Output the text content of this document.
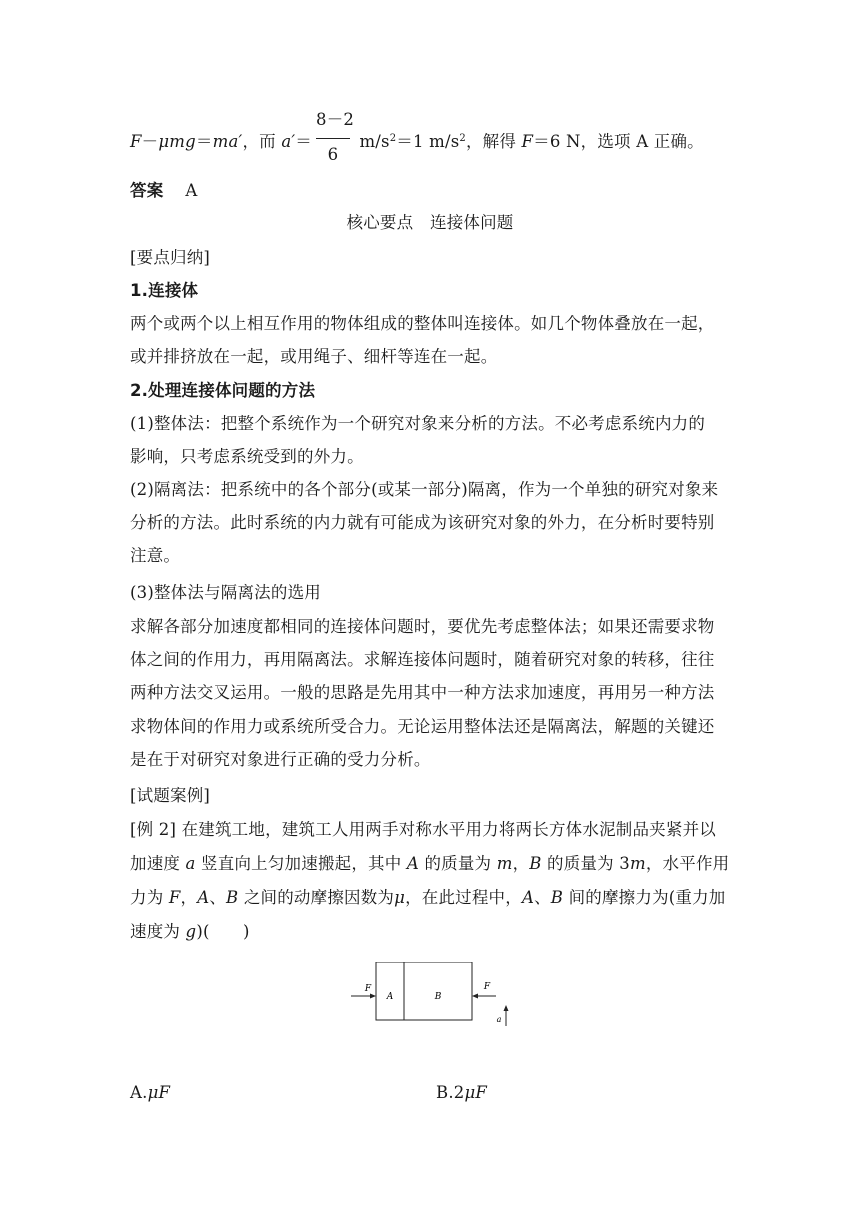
F－μmg＝ma′，而 $a'= \frac{8-2}{6} m/s^2=1$ $m/s^2$，解得 F＝6 N，选项 A 正确。
答案 A
核心要点　连接体问题
[要点归纳]
1.连接体
两个或两个以上相互作用的物体组成的整体叫连接体。如几个物体叠放在一起，
或并排挤放在一起，或用绳子、细杆等连在一起。
2.处理连接体问题的方法
(1)整体法：把整个系统作为一个研究对象来分析的方法。不必考虑系统内力的
影响，只考虑系统受到的外力。
(2)隔离法：把系统中的各个部分(或某一部分)隔离，作为一个单独的研究对象来
分析的方法。此时系统的内力就有可能成为该研究对象的外力，在分析时要特别
注意。
(3)整体法与隔离法的选用
求解各部分加速度都相同的连接体问题时，要优先考虑整体法；如果还需要求物
体之间的作用力，再用隔离法。求解连接体问题时，随着研究对象的转移，往往
两种方法交叉运用。一般的思路是先用其中一种方法求加速度，再用另一种方法
求物体间的作用力或系统所受合力。无论运用整体法还是隔离法，解题的关键还
是在于对研究对象进行正确的受力分析。
[试题案例]
[例 2] 在建筑工地，建筑工人用两手对称水平用力将两长方体水泥制品夹紧并以
加速度 a 竖直向上匀加速搬起，其中 A 的质量为 m，B 的质量为 3m，水平作用
力为 F，A、B 之间的动摩擦因数为μ，在此过程中，A、B 间的摩擦力为(重力加
速度为 g)(　　)
A	B
F	F
a
A.μF	B.2μF
